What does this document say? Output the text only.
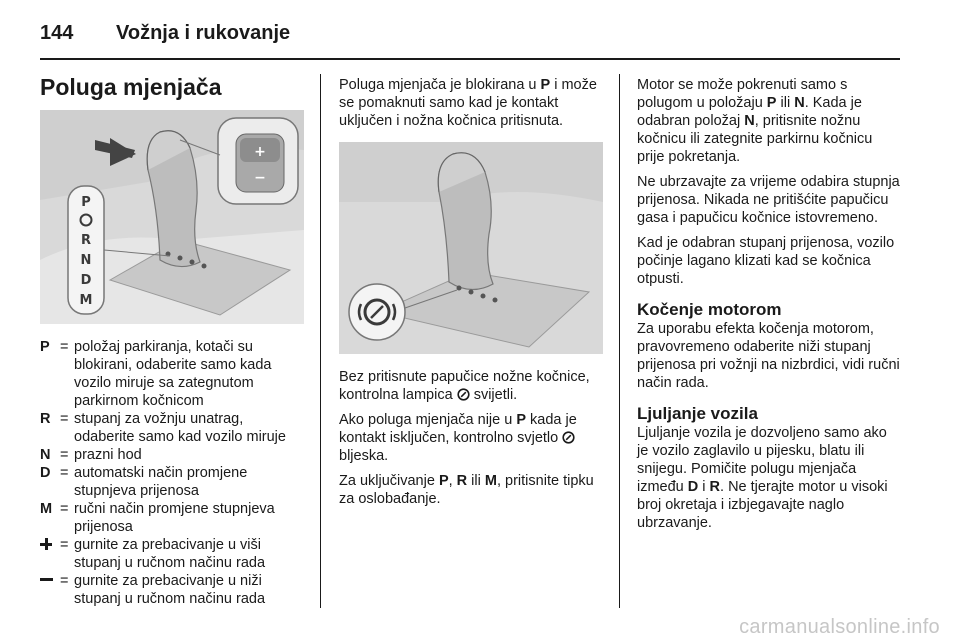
144 Vožnja i rukovanje
Poluga mjenjača
+
−
P
R
N
D
M
P	=	položaj parkiranja, kotači su blokirani, odaberite samo kada vozilo miruje sa zategnutom parkirnom kočnicom
R	=	stupanj za vožnju unatrag, odaberite samo kad vozilo miruje
N	=	prazni hod
D	=	automatski način promjene stupnjeva prijenosa
M	=	ručni način promjene stupnjeva prijenosa
	=	gurnite za prebacivanje u viši stupanj u ručnom načinu rada
	=	gurnite za prebacivanje u niži stupanj u ručnom načinu rada

Poluga mjenjača je blokirana u P i može se pomaknuti samo kad je kontakt uključen i nožna kočnica pritisnuta.

Bez pritisnute papučice nožne kočnice, kontrolna lampica  svijetli.

Ako poluga mjenjača nije u P kada je kontakt isključen, kontrolno svjetlo  bljeska.

Za uključivanje P, R ili M, pritisnite tipku za oslobađanje.

Motor se može pokrenuti samo s polugom u položaju P ili N. Kada je odabran položaj N, pritisnite nožnu kočnicu ili zategnite parkirnu kočnicu prije pokretanja.

Ne ubrzavajte za vrijeme odabira stupnja prijenosa. Nikada ne pritišćite papučicu gasa i papučicu kočnice istovremeno.

Kad je odabran stupanj prijenosa, vozilo počinje lagano klizati kad se kočnica otpusti.

Kočenje motorom

Za uporabu efekta kočenja motorom, pravovremeno odaberite niži stupanj prijenosa pri vožnji na nizbrdici, vidi ručni način rada.

Ljuljanje vozila

Ljuljanje vozila je dozvoljeno samo ako je vozilo zaglavilo u pijesku, blatu ili snijegu. Pomičite polugu mjenjača između D i R. Ne tjerajte motor u visoki broj okretaja i izbjegavajte naglo ubrzavanje.

carmanualsonline.info
